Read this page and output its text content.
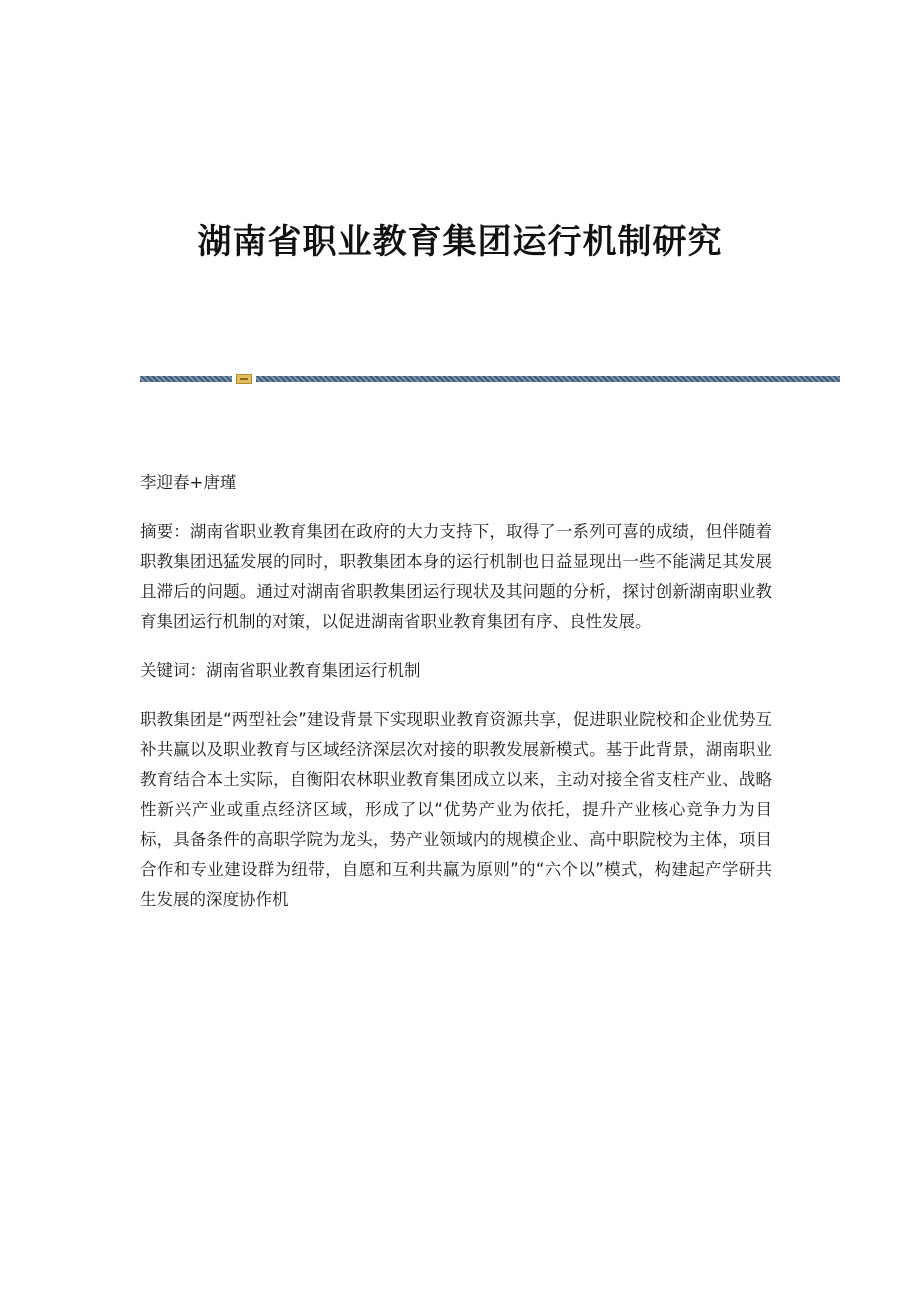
湖南省职业教育集团运行机制研究

李迎春+唐瑾

摘要：湖南省职业教育集团在政府的大力支持下，取得了一系列可喜的成绩，但伴随着职教集团迅猛发展的同时，职教集团本身的运行机制也日益显现出一些不能满足其发展且滞后的问题。通过对湖南省职教集团运行现状及其问题的分析，探讨创新湖南职业教育集团运行机制的对策，以促进湖南省职业教育集团有序、良性发展。

关键词：湖南省职业教育集团运行机制

职教集团是“两型社会”建设背景下实现职业教育资源共享，促进职业院校和企业优势互补共赢以及职业教育与区域经济深层次对接的职教发展新模式。基于此背景，湖南职业教育结合本土实际，自衡阳农林职业教育集团成立以来，主动对接全省支柱产业、战略性新兴产业或重点经济区域，形成了以“优势产业为依托，提升产业核心竞争力为目标，具备条件的高职学院为龙头，势产业领域内的规模企业、高中职院校为主体，项目合作和专业建设群为纽带，自愿和互利共赢为原则”的“六个以”模式，构建起产学研共生发展的深度协作机
